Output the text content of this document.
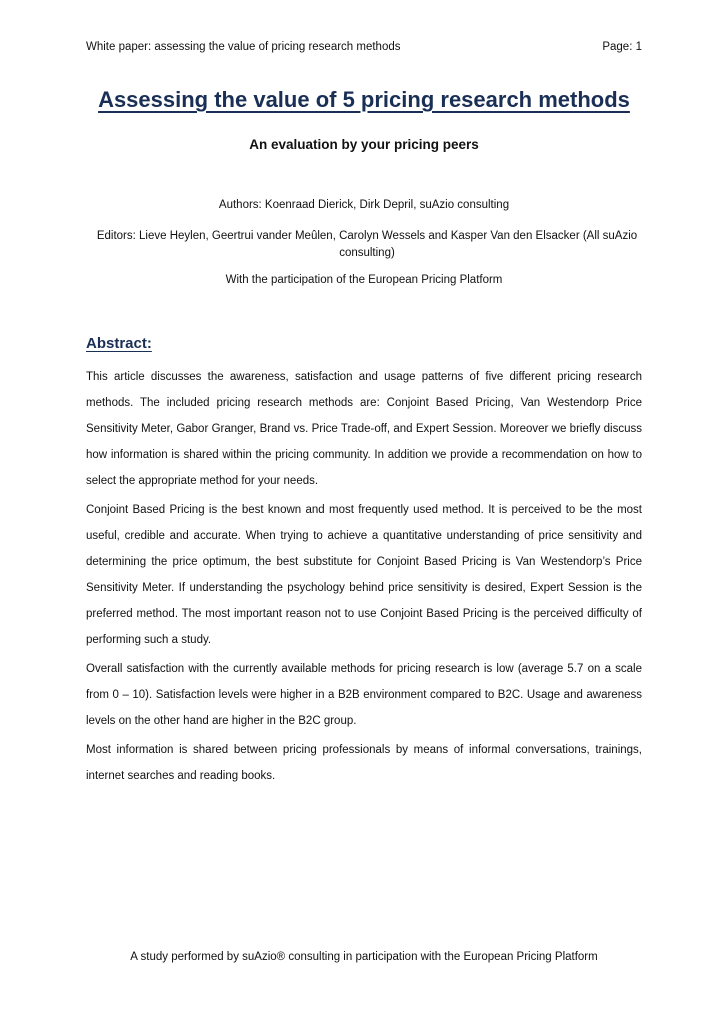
White paper: assessing the value of pricing research methods	Page: 1
Assessing the value of 5 pricing research methods
An evaluation by your pricing peers
Authors: Koenraad Dierick, Dirk Depril, suAzio consulting
Editors: Lieve Heylen, Geertrui vander Meûlen, Carolyn Wessels and Kasper Van den Elsacker (All suAzio consulting)
With the participation of the European Pricing Platform
Abstract:

This article discusses the awareness, satisfaction and usage patterns of five different pricing research methods. The included pricing research methods are: Conjoint Based Pricing, Van Westendorp Price Sensitivity Meter, Gabor Granger, Brand vs. Price Trade-off, and Expert Session. Moreover we briefly discuss how information is shared within the pricing community. In addition we provide a recommendation on how to select the appropriate method for your needs.

Conjoint Based Pricing is the best known and most frequently used method. It is perceived to be the most useful, credible and accurate. When trying to achieve a quantitative understanding of price sensitivity and determining the price optimum, the best substitute for Conjoint Based Pricing is Van Westendorp’s Price Sensitivity Meter. If understanding the psychology behind price sensitivity is desired, Expert Session is the preferred method. The most important reason not to use Conjoint Based Pricing is the perceived difficulty of performing such a study.

Overall satisfaction with the currently available methods for pricing research is low (average 5.7 on a scale from 0 – 10). Satisfaction levels were higher in a B2B environment compared to B2C. Usage and awareness levels on the other hand are higher in the B2C group.

Most information is shared between pricing professionals by means of informal conversations, trainings, internet searches and reading books.

A study performed by suAzio® consulting in participation with the European Pricing Platform
